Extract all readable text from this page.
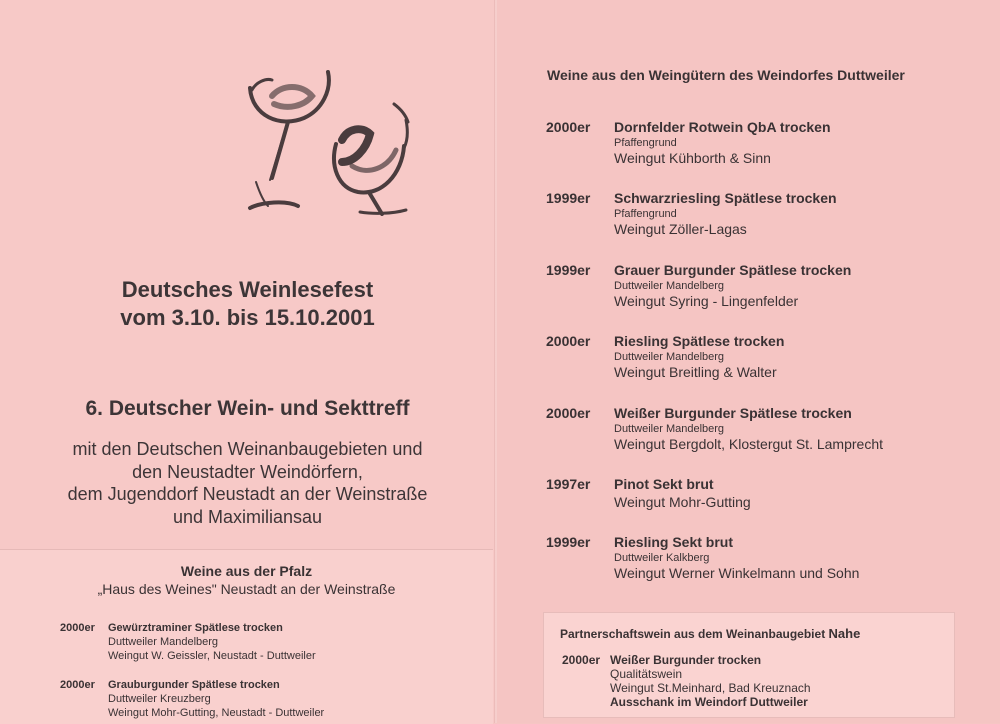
Deutsches Weinlesefest
vom 3.10. bis 15.10.2001
6. Deutscher Wein- und Sekttreff
mit den Deutschen Weinanbaugebieten und
den Neustadter Weindörfern,
dem Jugenddorf Neustadt an der Weinstraße
und Maximiliansau
Weine aus der Pfalz
„Haus des Weines" Neustadt an der Weinstraße
2000er Gewürztraminer Spätlese trocken
Duttweiler Mandelberg
Weingut W. Geissler, Neustadt - Duttweiler
2000er Grauburgunder Spätlese trocken
Duttweiler Kreuzberg
Weingut Mohr-Gutting, Neustadt - Duttweiler
Weine aus den Weingütern des Weindorfes Duttweiler
2000er Dornfelder Rotwein QbA trocken
Pfaffengrund
Weingut Kühborth & Sinn
1999er Schwarzriesling Spätlese trocken
Pfaffengrund
Weingut Zöller-Lagas
1999er Grauer Burgunder Spätlese trocken
Duttweiler Mandelberg
Weingut Syring - Lingenfelder
2000er Riesling Spätlese trocken
Duttweiler Mandelberg
Weingut Breitling & Walter
2000er Weißer Burgunder Spätlese trocken
Duttweiler Mandelberg
Weingut Bergdolt, Klostergut St. Lamprecht
1997er Pinot Sekt brut
Weingut Mohr-Gutting
1999er Riesling Sekt brut
Duttweiler Kalkberg
Weingut Werner Winkelmann und Sohn
Partnerschaftswein aus dem Weinanbaugebiet Nahe
2000er Weißer Burgunder trocken
Qualitätswein
Weingut St.Meinhard, Bad Kreuznach
Ausschank im Weindorf Duttweiler
